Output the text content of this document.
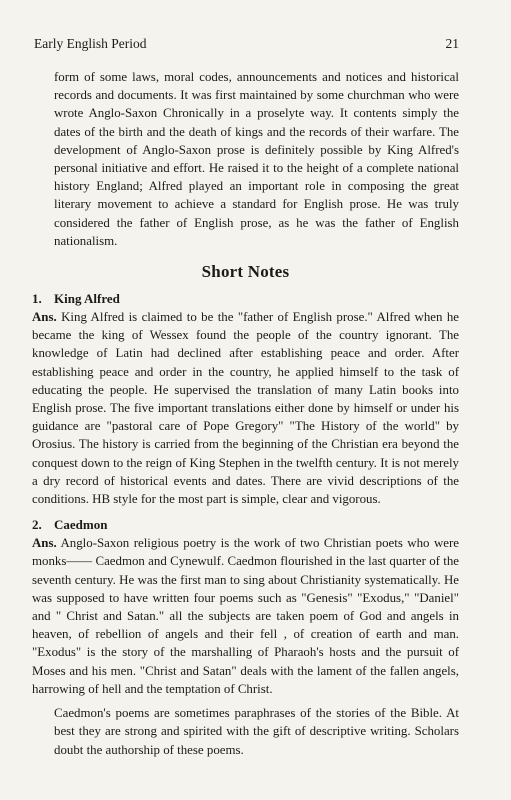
Early English Period	21

form of some laws, moral codes, announcements and notices and historical records and documents. It was first maintained by some churchman who were wrote Anglo-Saxon Chronically in a proselyte way. It contents simply the dates of the birth and the death of kings and the records of their warfare. The development of Anglo-Saxon prose is definitely possible by King Alfred's personal initiative and effort. He raised it to the height of a complete national history England; Alfred played an important role in composing the great literary movement to achieve a standard for English prose. He was truly considered the father of English prose, as he was the father of English nationalism.

Short Notes
1. King Alfred

Ans. King Alfred is claimed to be the "father of English prose." Alfred when he became the king of Wessex found the people of the country ignorant. The knowledge of Latin had declined after establishing peace and order. After establishing peace and order in the country, he applied himself to the task of educating the people. He supervised the translation of many Latin books into English prose. The five important translations either done by himself or under his guidance are "pastoral care of Pope Gregory" "The History of the world" by Orosius. The history is carried from the beginning of the Christian era beyond the conquest down to the reign of King Stephen in the twelfth century. It is not merely a dry record of historical events and dates. There are vivid descriptions of the conditions. HB style for the most part is simple, clear and vigorous.

2. Caedmon

Ans. Anglo-Saxon religious poetry is the work of two Christian poets who were monks—— Caedmon and Cynewulf. Caedmon flourished in the last quarter of the seventh century. He was the first man to sing about Christianity systematically. He was supposed to have written four poems such as "Genesis" "Exodus," "Daniel" and " Christ and Satan." all the subjects are taken poem of God and angels in heaven, of rebellion of angels and their fell , of creation of earth and man. "Exodus" is the story of the marshalling of Pharaoh's hosts and the pursuit of Moses and his men. "Christ and Satan" deals with the lament of the fallen angels, harrowing of hell and the temptation of Christ.

Caedmon's poems are sometimes paraphrases of the stories of the Bible. At best they are strong and spirited with the gift of descriptive writing. Scholars doubt the authorship of these poems.
